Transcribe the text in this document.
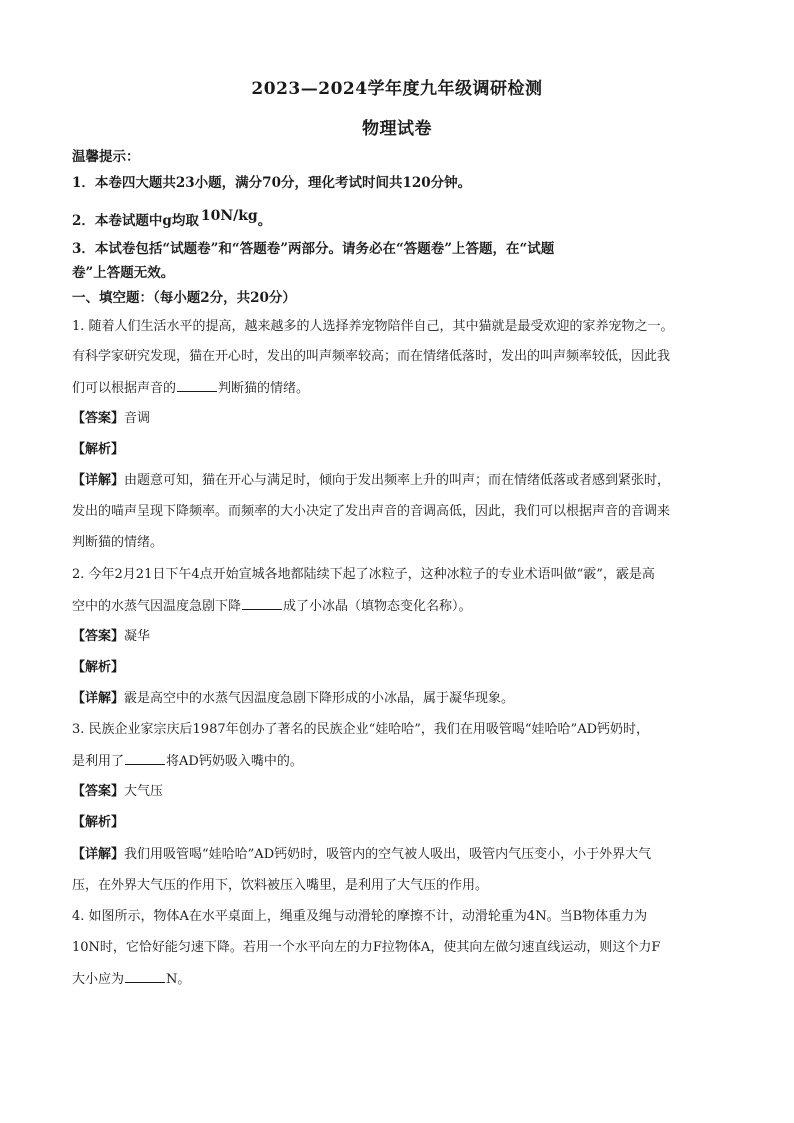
2023—2024学年度九年级调研检测
物理试卷
温馨提示：
1．本卷四大题共23小题，满分70分，理化考试时间共120分钟。
2．本卷试题中g均取 10N/kg。
3．本试卷包括“试题卷”和“答题卷”两部分。请务必在“答题卷”上答题，在“试题
卷”上答题无效。
一、填空题：（每小题2分，共20分）
1. 随着人们生活水平的提高，越来越多的人选择养宠物陪伴自己，其中猫就是最受欢迎的家养宠物之一。
有科学家研究发现，猫在开心时，发出的叫声频率较高；而在情绪低落时，发出的叫声频率较低，因此我
们可以根据声音的	判断猫的情绪。
【答案】音调
【解析】
【详解】由题意可知，猫在开心与满足时，倾向于发出频率上升的叫声；而在情绪低落或者感到紧张时，
发出的喵声呈现下降频率。而频率的大小决定了发出声音的音调高低，因此，我们可以根据声音的音调来
判断猫的情绪。
2. 今年2月21日下午4点开始宣城各地都陆续下起了冰粒子，这种冰粒子的专业术语叫做“霰”，霰是高
空中的水蒸气因温度急剧下降	成了小冰晶（填物态变化名称）。
【答案】凝华
【解析】
【详解】霰是高空中的水蒸气因温度急剧下降形成的小冰晶，属于凝华现象。
3. 民族企业家宗庆后1987年创办了著名的民族企业“娃哈哈”，我们在用吸管喝“娃哈哈”AD钙奶时，
是利用了	将AD钙奶吸入嘴中的。
【答案】大气压
【解析】
【详解】我们用吸管喝“娃哈哈”AD钙奶时，吸管内的空气被人吸出，吸管内气压变小，小于外界大气
压，在外界大气压的作用下，饮料被压入嘴里，是利用了大气压的作用。
4. 如图所示，物体A在水平桌面上，绳重及绳与动滑轮的摩擦不计，动滑轮重为4N。当B物体重力为
10N时，它恰好能匀速下降。若用一个水平向左的力F拉物体A，使其向左做匀速直线运动，则这个力F
大小应为	N。
